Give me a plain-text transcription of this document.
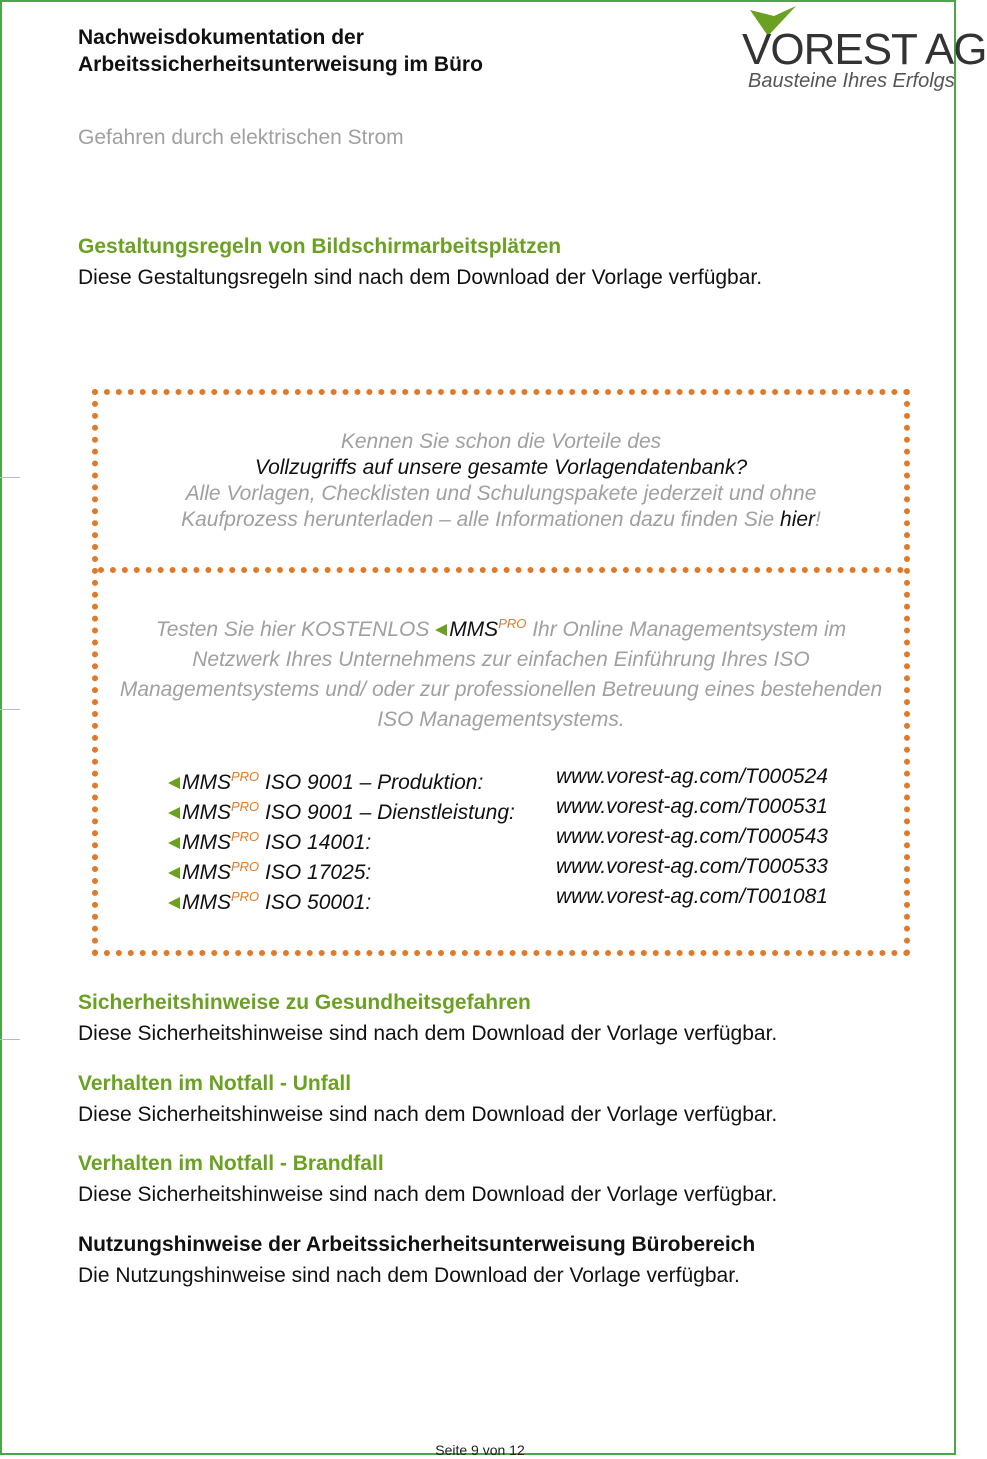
Nachweisdokumentation der
Arbeitssicherheitsunterweisung im Büro	VOREST AG
Bausteine Ihres Erfolgs
Gefahren durch elektrischen Strom
Gestaltungsregeln von Bildschirmarbeitsplätzen
Diese Gestaltungsregeln sind nach dem Download der Vorlage verfügbar.
Kennen Sie schon die Vorteile des
Vollzugriffs auf unsere gesamte Vorlagendatenbank?
Alle Vorlagen, Checklisten und Schulungspakete jederzeit und ohne
Kaufprozess herunterladen – alle Informationen dazu finden Sie hier!
Testen Sie hier KOSTENLOS $MMS^{PRO}$ Ihr Online Managementsystem im Netzwerk Ihres Unternehmens zur einfachen Einführung Ihres ISO Managementsystems und/ oder zur professionellen Betreuung eines bestehenden ISO Managementsystems.
$MMS^{PRO}$ ISO 9001 – Produktion:	www.vorest-ag.com/T000524
$MMS^{PRO}$ ISO 9001 – Dienstleistung: www.vorest-ag.com/T000531
$MMS^{PRO}$ ISO 14001:	www.vorest-ag.com/T000543
$MMS^{PRO}$ ISO 17025:	www.vorest-ag.com/T000533
$MMS^{PRO}$ ISO 50001:	www.vorest-ag.com/T001081
Sicherheitshinweise zu Gesundheitsgefahren
Diese Sicherheitshinweise sind nach dem Download der Vorlage verfügbar.
Verhalten im Notfall - Unfall
Diese Sicherheitshinweise sind nach dem Download der Vorlage verfügbar.
Verhalten im Notfall - Brandfall
Diese Sicherheitshinweise sind nach dem Download der Vorlage verfügbar.
Nutzungshinweise der Arbeitssicherheitsunterweisung Bürobereich
Die Nutzungshinweise sind nach dem Download der Vorlage verfügbar.
Seite 9 von 12
